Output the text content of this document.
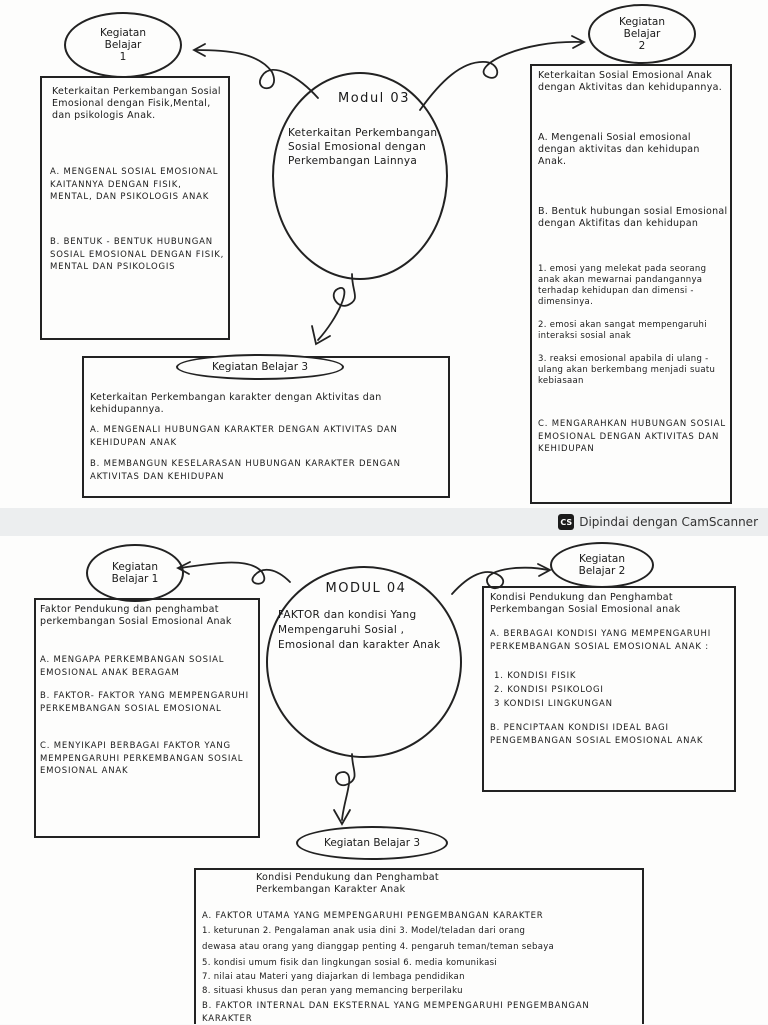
Kegiatan
Belajar
1
Keterkaitan Perkembangan Sosial Emosional dengan Fisik,Mental, dan psikologis Anak.
A. MENGENAL SOSIAL EMOSIONAL KAITANNYA DENGAN FISIK, MENTAL, DAN PSIKOLOGIS ANAK
B. BENTUK - BENTUK HUBUNGAN SOSIAL EMOSIONAL DENGAN FISIK, MENTAL DAN PSIKOLOGIS
Modul 03
Keterkaitan Perkembangan Sosial Emosional dengan Perkembangan Lainnya
Kegiatan
Belajar
2
Keterkaitan Sosial Emosional Anak dengan Aktivitas dan kehidupannya.
A. Mengenali Sosial emosional dengan aktivitas dan kehidupan Anak.
B. Bentuk hubungan sosial Emosional dengan Aktifitas dan kehidupan
1. emosi yang melekat pada seorang anak akan mewarnai pandangannya terhadap kehidupan dan dimensi - dimensinya.
2. emosi akan sangat mempengaruhi interaksi sosial anak
3. reaksi emosional apabila di ulang - ulang akan berkembang menjadi suatu kebiasaan
C. MENGARAHKAN HUBUNGAN SOSIAL EMOSIONAL DENGAN AKTIVITAS DAN KEHIDUPAN
Keterkaitan Perkembangan karakter dengan Aktivitas dan kehidupannya.
A. MENGENALI HUBUNGAN KARAKTER DENGAN AKTIVITAS DAN KEHIDUPAN ANAK
B. MEMBANGUN KESELARASAN HUBUNGAN KARAKTER DENGAN AKTIVITAS DAN KEHIDUPAN
Kegiatan Belajar 3
CS Dipindai dengan CamScanner
Kegiatan
Belajar 1
Faktor Pendukung dan penghambat perkembangan Sosial Emosional Anak
A. MENGAPA PERKEMBANGAN SOSIAL EMOSIONAL ANAK BERAGAM
B. FAKTOR- FAKTOR YANG MEMPENGARUHI PERKEMBANGAN SOSIAL EMOSIONAL
C. MENYIKAPI BERBAGAI FAKTOR YANG MEMPENGARUHI PERKEMBANGAN SOSIAL EMOSIONAL ANAK
MODUL 04
FAKTOR dan kondisi Yang Mempengaruhi Sosial , Emosional dan karakter Anak
Kegiatan
Belajar 2
Kondisi Pendukung dan Penghambat Perkembangan Sosial Emosional anak
A. BERBAGAI KONDISI YANG MEMPENGARUHI PERKEMBANGAN SOSIAL EMOSIONAL ANAK :
1. KONDISI FISIK
2. KONDISI PSIKOLOGI
3 KONDISI LINGKUNGAN
B. PENCIPTAAN KONDISI IDEAL BAGI PENGEMBANGAN SOSIAL EMOSIONAL ANAK
Kegiatan Belajar 3
Kondisi Pendukung dan Penghambat
Perkembangan Karakter Anak
A. FAKTOR UTAMA YANG MEMPENGARUHI PENGEMBANGAN KARAKTER
1. keturunan 2. Pengalaman anak usia dini 3. Model/teladan dari orang
dewasa atau orang yang dianggap penting 4. pengaruh teman/teman sebaya
5. kondisi umum fisik dan lingkungan sosial 6. media komunikasi
7. nilai atau Materi yang diajarkan di lembaga pendidikan
8. situasi khusus dan peran yang memancing berperilaku
B. FAKTOR INTERNAL DAN EKSTERNAL YANG MEMPENGARUHI PENGEMBANGAN KARAKTER
